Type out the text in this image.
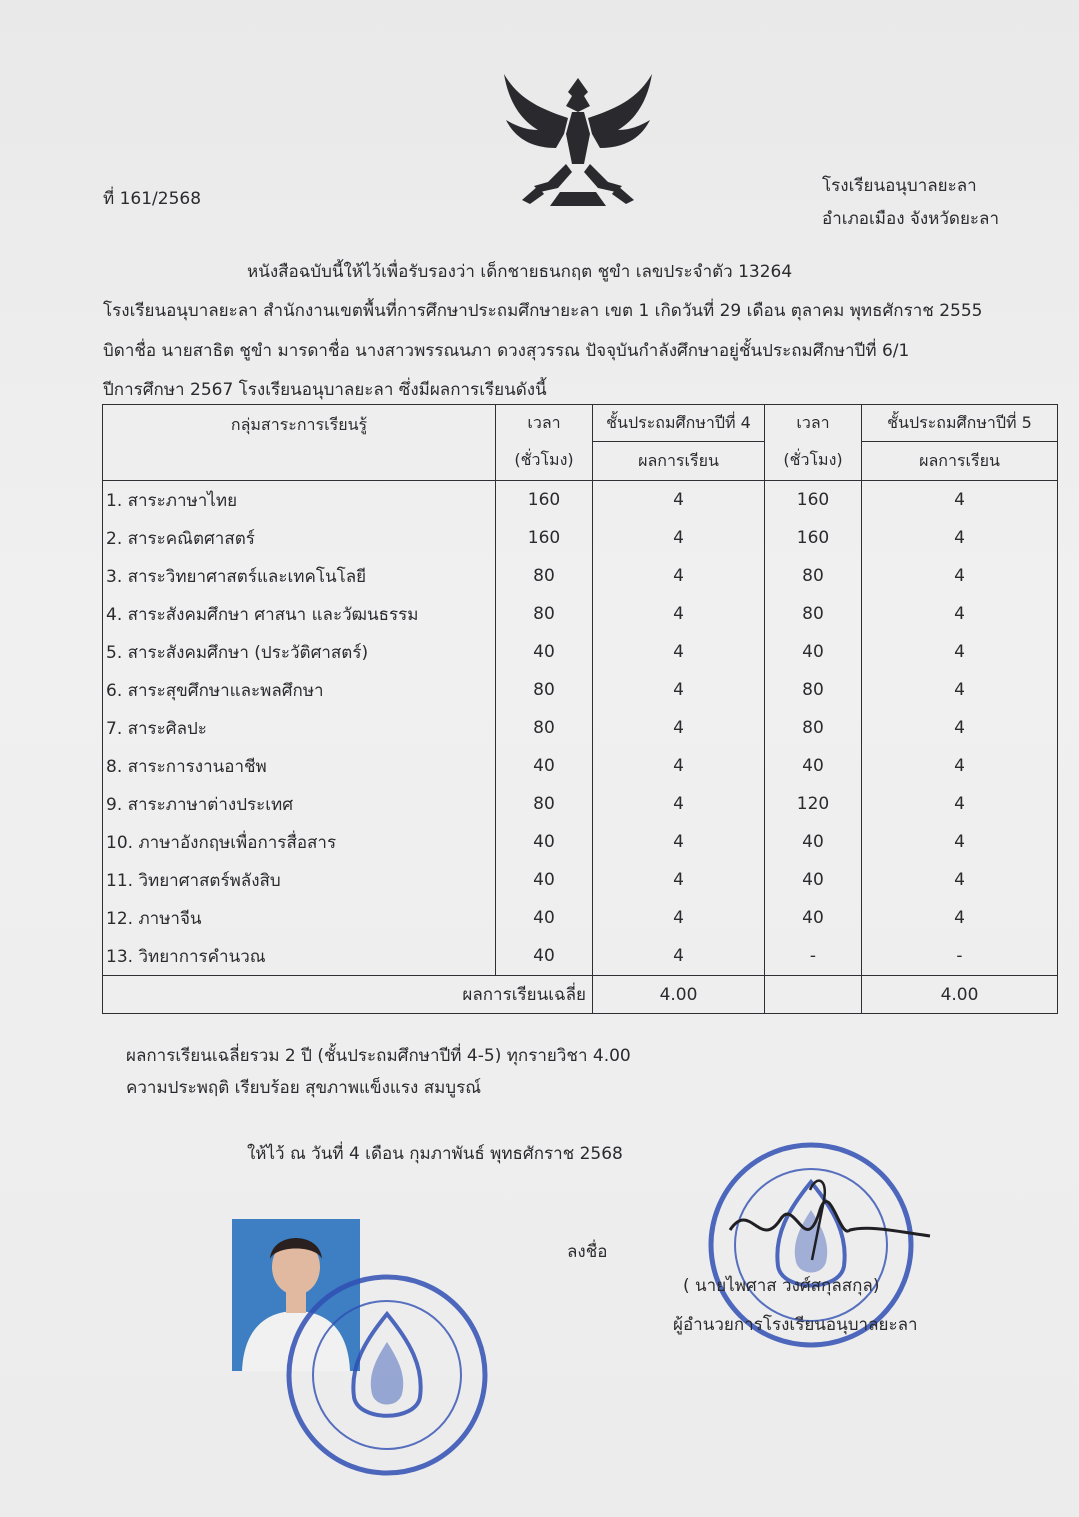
ที่ 161/2568
โรงเรียนอนุบาลยะลา
อำเภอเมือง จังหวัดยะลา
หนังสือฉบับนี้ให้ไว้เพื่อรับรองว่า เด็กชายธนกฤต ชูขำ เลขประจำตัว 13264
โรงเรียนอนุบาลยะลา สำนักงานเขตพื้นที่การศึกษาประถมศึกษายะลา เขต 1 เกิดวันที่ 29 เดือน ตุลาคม พุทธศักราช 2555
บิดาชื่อ นายสาธิต ชูขำ มารดาชื่อ นางสาวพรรณนภา ดวงสุวรรณ ปัจจุบันกำลังศึกษาอยู่ชั้นประถมศึกษาปีที่ 6/1
ปีการศึกษา 2567 โรงเรียนอนุบาลยะลา ซึ่งมีผลการเรียนดังนี้
กลุ่มสาระการเรียนรู้	เวลา	ชั้นประถมศึกษาปีที่ 4	เวลา	ชั้นประถมศึกษาปีที่ 5
	(ชั่วโมง)	ผลการเรียน	(ชั่วโมง)	ผลการเรียน
1. สาระภาษาไทย	160	4	160	4
2. สาระคณิตศาสตร์	160	4	160	4
3. สาระวิทยาศาสตร์และเทคโนโลยี	80	4	80	4
4. สาระสังคมศึกษา ศาสนา และวัฒนธรรม	80	4	80	4
5. สาระสังคมศึกษา (ประวัติศาสตร์)	40	4	40	4
6. สาระสุขศึกษาและพลศึกษา	80	4	80	4
7. สาระศิลปะ	80	4	80	4
8. สาระการงานอาชีพ	40	4	40	4
9. สาระภาษาต่างประเทศ	80	4	120	4
10. ภาษาอังกฤษเพื่อการสื่อสาร	40	4	40	4
11. วิทยาศาสตร์พลังสิบ	40	4	40	4
12. ภาษาจีน	40	4	40	4
13. วิทยาการคำนวณ	40	4	-	-
ผลการเรียนเฉลี่ย		4.00		4.00
ผลการเรียนเฉลี่ยรวม 2 ปี (ชั้นประถมศึกษาปีที่ 4-5) ทุกรายวิชา 4.00
ความประพฤติ เรียบร้อย สุขภาพแข็งแรง สมบูรณ์
ให้ไว้ ณ วันที่ 4 เดือน กุมภาพันธ์ พุทธศักราช 2568
ลงชื่อ
( นายไพศาส วงศ์สกุลสกุล)
ผู้อำนวยการโรงเรียนอนุบาลยะลา
